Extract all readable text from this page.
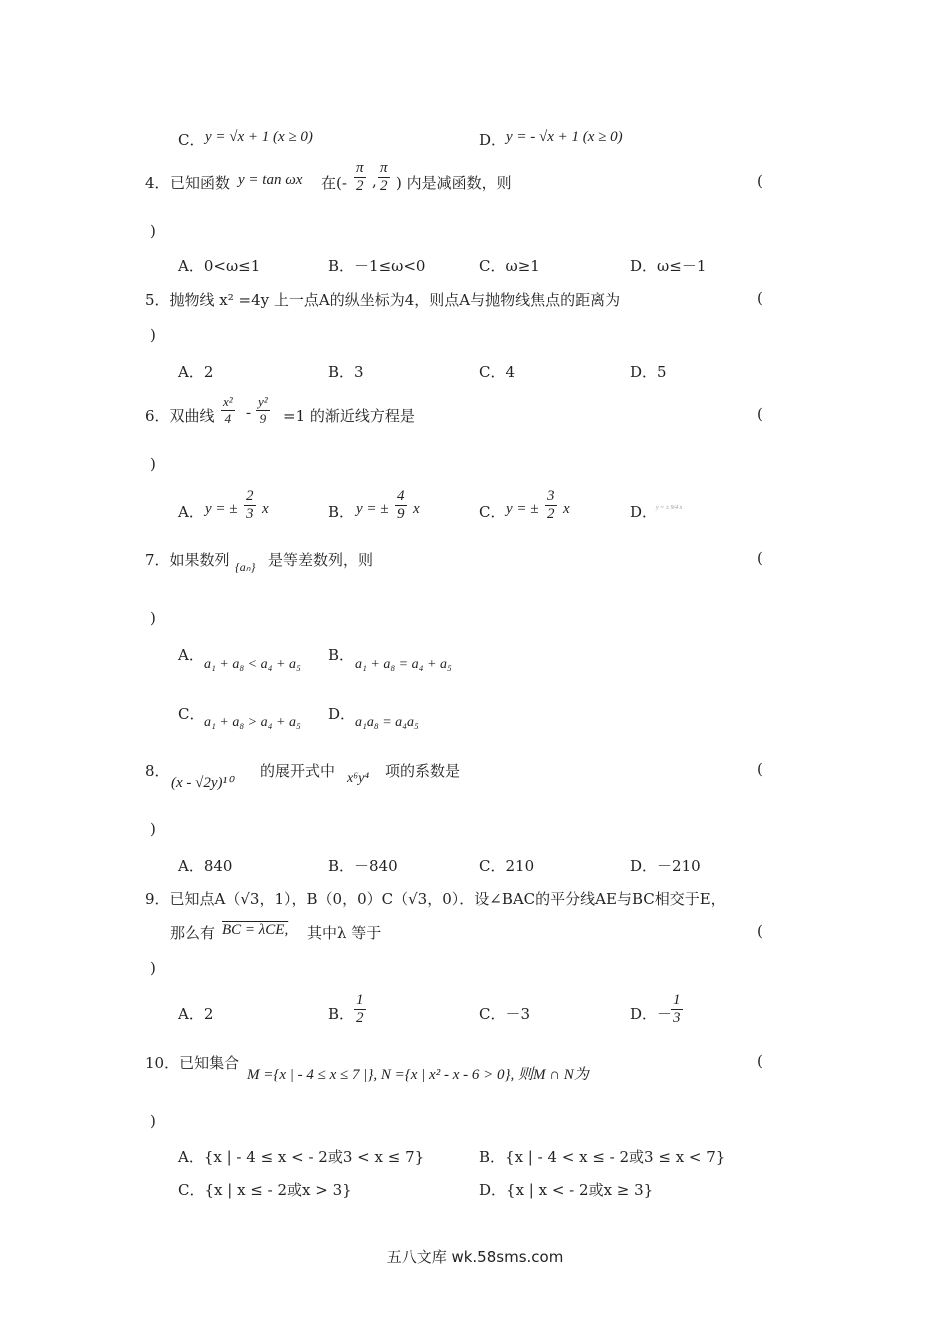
C． y = √x + 1 (x ≥ 0)	D． y = - √x + 1 (x ≥ 0)
4． 已知函数 y = tan ωx 在(- $\frac{\pi}{2}$ , $\frac{\pi}{2}$ ) 内是减函数，则	(
)
A．0<ω≤1	B．－1≤ω<0	C．ω≥1	D．ω≤－1
5．抛物线 x² =4y 上一点A的纵坐标为4，则点A与抛物线焦点的距离为	(
)
A．2	B．3	C．4	D．5
6．双曲线 $\frac{\text{x²}}{4} - \frac{\text{y²}}{9} =1$ 的渐近线方程是	(
)
A． y = ± $\frac{2}{3}$ x	B． y = ± $\frac{4}{9}$ x	C． y = ± $\frac{3}{2}$ x	D．
y = ± 9/4 x
7．如果数列 {aₙ} 是等差数列，则	(
)
A．
a₁ + a₈ < a₄ + a₅
B．
a₁ + a₈ = a₄ + a₅
C． a₁ + a₈ > a₄ + a₅ D． a₁a₈ = a₄a₅
8．
(x - √2y)¹⁰
的展开式中 x⁶y⁴ 项的系数是	(
)
A．840	B．－840	C．210	D．－210
9．已知点A（√3，1），B（0，0）C（√3，0）．设∠BAC的平分线AE与BC相交于E，
那么有 BC = λCE, 其中λ 等于	(
)
A．2	B． $\frac{1}{2}$	C．－3	D．－
$\frac{1}{3}$
10．已知集合
M ={x | - 4 ≤ x ≤ 7 |}, N ={x | x² - x - 6 > 0}, 则M ∩ N为
(
)
A．{x | - 4 ≤ x < - 2或3 < x ≤ 7}	B．{x | - 4 < x ≤ - 2或3 ≤ x < 7}
C．{x | x ≤ - 2或x > 3}	D．{x | x < - 2或x ≥ 3}
五八文库 wk.58sms.com
